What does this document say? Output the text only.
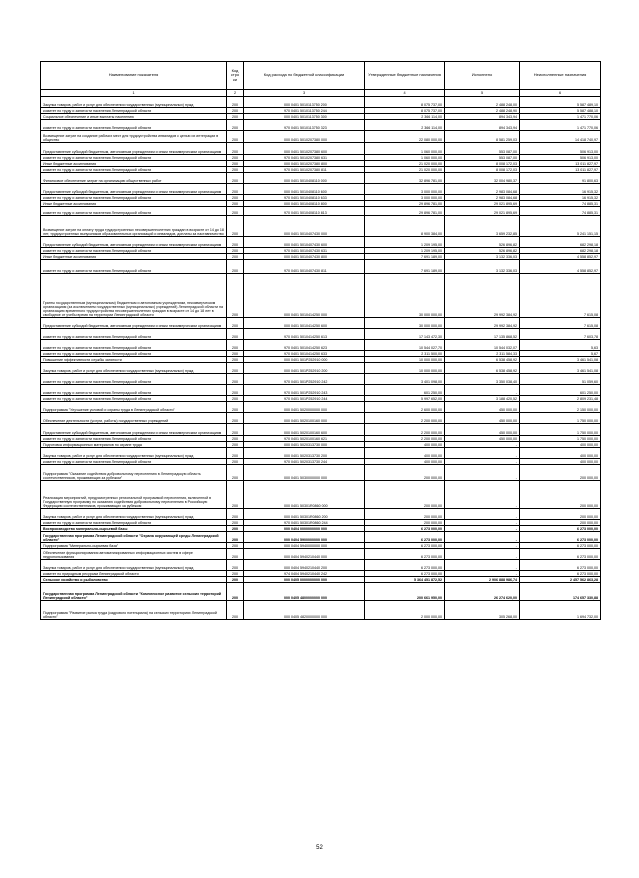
Наименование показателя	Код стро ки	Код расхода по бюджетной классификации	Утвержденные бюджетные назначения	Исполнено	Неисполненные назначения
1	2	3	4	5	6
Закупка товаров, работ и услуг для обеспечения государственных (муниципальных) нужд	200	000 0401 5010113750 200	8 075 737,00	2 488 248,00	5 587 489,10
комитет по труду и занятости населения Ленинградской области	200	970 0401 5010113750 244	8 075 737,00	2 488 248,90	5 587 488,10
Социальное обеспечение и иные выплаты населению	200	000 0401 5010113750 300	2 366 114,00	894 343,94	1 471 770,06
комитет по труду и занятости населения Ленинградской области	200	970 0401 5010113750 323	2 366 114,00	894 343,94	1 471 770,06
Возмещение затрат на создание рабочих мест для трудоустройства инвалидов с целью их интеграции в общество	200	000 0401 5010207380 000	22 080 000,00	8 581 259,03	14 418 740,97
Предоставление субсидий бюджетным, автономным учреждениям и иным некоммерческим организациям	200	000 0401 5010207380 600	1 060 000,00	553 087,00	506 913,00
комитет по труду и занятости населения Ленинградской области	200	970 0401 5010207380 631	1 060 000,00	553 087,00	506 913,00
Иные бюджетные ассигнования	200	000 0401 5010207380 800	21 020 000,00	8 008 172,03	13 011 827,97
комитет по труду и занятости населения Ленинградской области	200	970 0401 5010207380 811	21 020 000,00	8 008 172,03	13 011 827,97
Финансовое обеспечение затрат на организацию общественных работ	200	000 0401 5010408110 000	32 896 781,00	32 004 980,37	91 800,63
Предоставление субсидий бюджетным, автономным учреждениям и иным некоммерческим организациям	200	000 0401 5010408110 600	3 000 000,00	2 983 084,68	16 915,32
комитет по труду и занятости населения Ленинградской области	200	970 0401 5010408110 633	3 000 000,00	2 983 084,68	16 915,32
Иные бюджетные ассигнования	200	000 0401 5010408110 800	29 896 781,00	29 021 895,69	74 885,31
комитет по труду и занятости населения Ленинградской области	200	970 0401 5010408110 813	29 896 781,00	29 021 895,69	74 885,31
Возмещение затрат на оплату труда трудоустроенных несовершеннолетних граждан в возрасте от 14 до 18 лет, трудоустроенных выпускников образовательных организаций и инвалидов, доплаты за наставничество	200	000 0401 5010407430 000	8 900 384,00	3 659 232,85	5 241 151,15
Предоставление субсидий бюджетным, автономным учреждениям и иным некоммерческим организациям	200	000 0401 5010407430 600	1 209 195,00	526 896,82	682 298,18
комитет по труду и занятости населения Ленинградской области	200	970 0401 5010407430 631	1 209 195,00	526 896,82	682 298,18
Иные бюджетные ассигнования	200	000 0401 5010407430 800	7 691 189,00	3 132 336,03	4 558 852,97
комитет по труду и занятости населения Ленинградской области	200	970 0401 5010407430 811	7 691 189,00	3 132 336,03	4 558 852,97
Гранты государственным (муниципальным) бюджетным и автономным учреждениям, некоммерческим организациям (за исключением государственных (муниципальных) учреждений) Ленинградской области на организацию временного трудоустройства несовершеннолетних граждан в возрасте от 14 до 18 лет в свободное от учебы время на территории Ленинградской области	200	000 0401 5010414250 000	30 000 000,00	29 992 384,92	7 615,08
Предоставление субсидий бюджетным, автономным учреждениям и иным некоммерческим организациям	200	000 0401 5010414250 600	30 000 000,00	29 992 384,92	7 615,08
комитет по труду и занятости населения Ленинградской области	200	970 0401 5010414250 613	17 143 472,30	17 135 868,52	7 603,78
комитет по труду и занятости населения Ленинградской области	200	970 0401 5010414250 623	10 544 027,70	10 544 032,07	5,63
комитет по труду и занятости населения Ленинградской области	200	970 0401 5010414250 633	2 311 500,00	2 311 584,33	5,67
Повышение эффективности службы занятости	200	000 0401 501P252910 000	10 000 000,00	6 538 458,92	3 461 541,08
Закупка товаров, работ и услуг для обеспечения государственных (муниципальных) нужд	200	000 0401 501P252910 200	10 000 000,00	6 538 458,92	3 461 541,08
комитет по труду и занятости населения Ленинградской области	200	970 0401 501P252910 242	3 401 098,00	3 350 038,40	51 059,60
комитет по труду и занятости населения Ленинградской области	200	970 0401 501P252910 243	601 250,00	-	601 250,00
комитет по труду и занятости населения Ленинградской области	200	970 0401 501P252910 244	5 997 652,00	3 188 420,52	2 809 231,48
Подпрограмма "Улучшение условий и охраны труда в Ленинградской области"	200	000 0401 5020000000 000	2 600 000,00	450 000,00	2 150 000,00
Обеспечение деятельности (услуги, работы) государственных учреждений	200	000 0401 5020100160 000	2 200 000,00	450 000,00	1 750 000,00
Предоставление субсидий бюджетным, автономным учреждениям и иным некоммерческим организациям	200	000 0401 5020100160 600	2 200 000,00	450 000,00	1 750 000,00
комитет по труду и занятости населения Ленинградской области	200	970 0401 5020100160 621	2 200 000,00	450 000,00	1 750 000,00
Подготовка информационных материалов по охране труда	200	000 0401 5020313730 000	400 000,00	-	400 000,00
Закупка товаров, работ и услуг для обеспечения государственных (муниципальных) нужд	200	000 0401 5020313730 200	400 000,00	-	400 000,00
комитет по труду и занятости населения Ленинградской области	200	970 0401 5020313730 244	400 000,00	-	400 000,00
Подпрограмма "Оказание содействия добровольному переселению в Ленинградскую область соотечественников, проживающих за рубежом"	200	000 0401 5030000000 000	200 000,00	-	200 000,00
Реализация мероприятий, предусмотренных региональной программой переселения, включенной в Государственную программу по оказанию содействия добровольному переселению в Российскую Федерацию соотечественников, проживающих за рубежом	200	000 0401 50301R0860 000	200 000,00	-	200 000,00
Закупка товаров, работ и услуг для обеспечения государственных (муниципальных) нужд	200	000 0401 50301R0860 200	200 000,00	-	200 000,00
комитет по труду и занятости населения Ленинградской области	200	970 0401 50301R0860 244	200 000,00	-	200 000,00
Воспроизводство минерально-сырьевой базы	200	000 0404 0000000000 000	6 273 000,00	-	6 273 000,00
Государственная программа Ленинградской области "Охрана окружающей среды Ленинградской области"	200	000 0404 5900000000 000	6 273 000,00	-	6 273 000,00
Подпрограмма "Минерально-сырьевая база"	200	000 0404 5940000000 000	6 273 000,00	-	6 273 000,00
Обеспечение функционирования автоматизированных информационных систем в сфере недропользования	200	000 0404 5940210440 000	6 273 000,00	-	6 273 000,00
Закупка товаров, работ и услуг для обеспечения государственных (муниципальных) нужд	200	000 0404 5940210440 200	6 273 000,00	-	6 273 000,00
комитет по природным ресурсам Ленинградской области	200	974 0404 5940210440 242	6 273 000,00	-	6 273 000,00
Сельское хозяйство и рыболовство	200	000 0405 0000000000 000	5 364 451 872,52	2 906 888 986,74	2 457 562 863,28
Государственная программа Ленинградской области "Комплексное развитие сельских территорий Ленинградской области"	200	000 0405 4800000000 000	200 661 950,00	26 274 620,00	174 657 330,88
Подпрограмма "Развитие рынка труда (кадрового потенциала) на сельских территориях Ленинградской области"	200	000 0405 4820000000 000	2 000 000,00	305 268,00	1 694 732,00
52
